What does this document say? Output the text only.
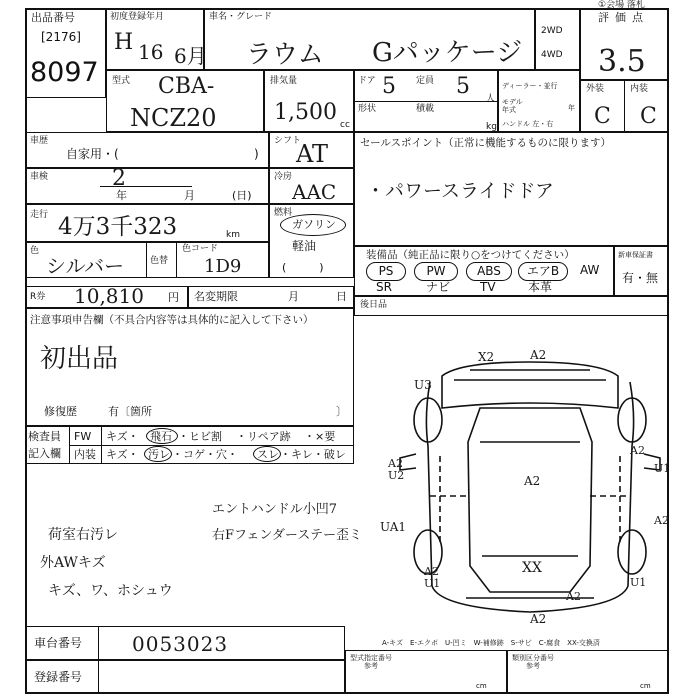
①会場 落札
出品番号
[2176]
8097
初度登録年月
H 16 6月
車名・グレード
ラウム Gパッケージ
2WD
4WD
評価点
3.5
型式 CBA-
NCZ20
排気量
1,500 cc
ドア 5 定員 5 人
形状	積載
kg
ディーラー・並行
モデル年式	年
ハンドル 左・右
外装	内装
C C
車歴
自家用・(	)
シフト
AT
車検	2
年	月	(日)
冷房
AAC
走行 4万3千323	km
燃料
ガソリン
軽油
(　　　)
色
シルバー	色替
色コード
1D9
セールスポイント（正常に機能するものに限ります）
・パワースライドドア
装備品（純正品に限り○をつけてください）
PS	PW	ABS	エアB	AW
SR	ナビ TV	本革
新車保証書
有・無
R券 10,810 円 名変期限	月	日
後日品
注意事項申告欄（不具合内容等は具体的に記入して下さい）
初出品
修復歴	有〔箇所	〕
検査員
記入欄
FW キズ・ 飛石 ・ヒビ割 ・リペア跡 ・×要
内装 キズ・ 汚レ ・コゲ・穴・ スレ ・キレ・破レ
エントハンドル小凹7
荷室右汚レ	右Fフェンダーステー歪ミ
外AWキズ
キズ、ワ、ホシュウ
X2	A2
U3
A2
A2 U2
A2
U1
UA1	A2
A2 U1
XX
A2
U1
A2
A-キズ　E-エクボ　U-凹ミ　W-補修跡　S-サビ　C-腐食　XX-交換済
車台番号 0053023
登録番号
型式指定番号
参考
cm
類別区分番号
参考
cm
